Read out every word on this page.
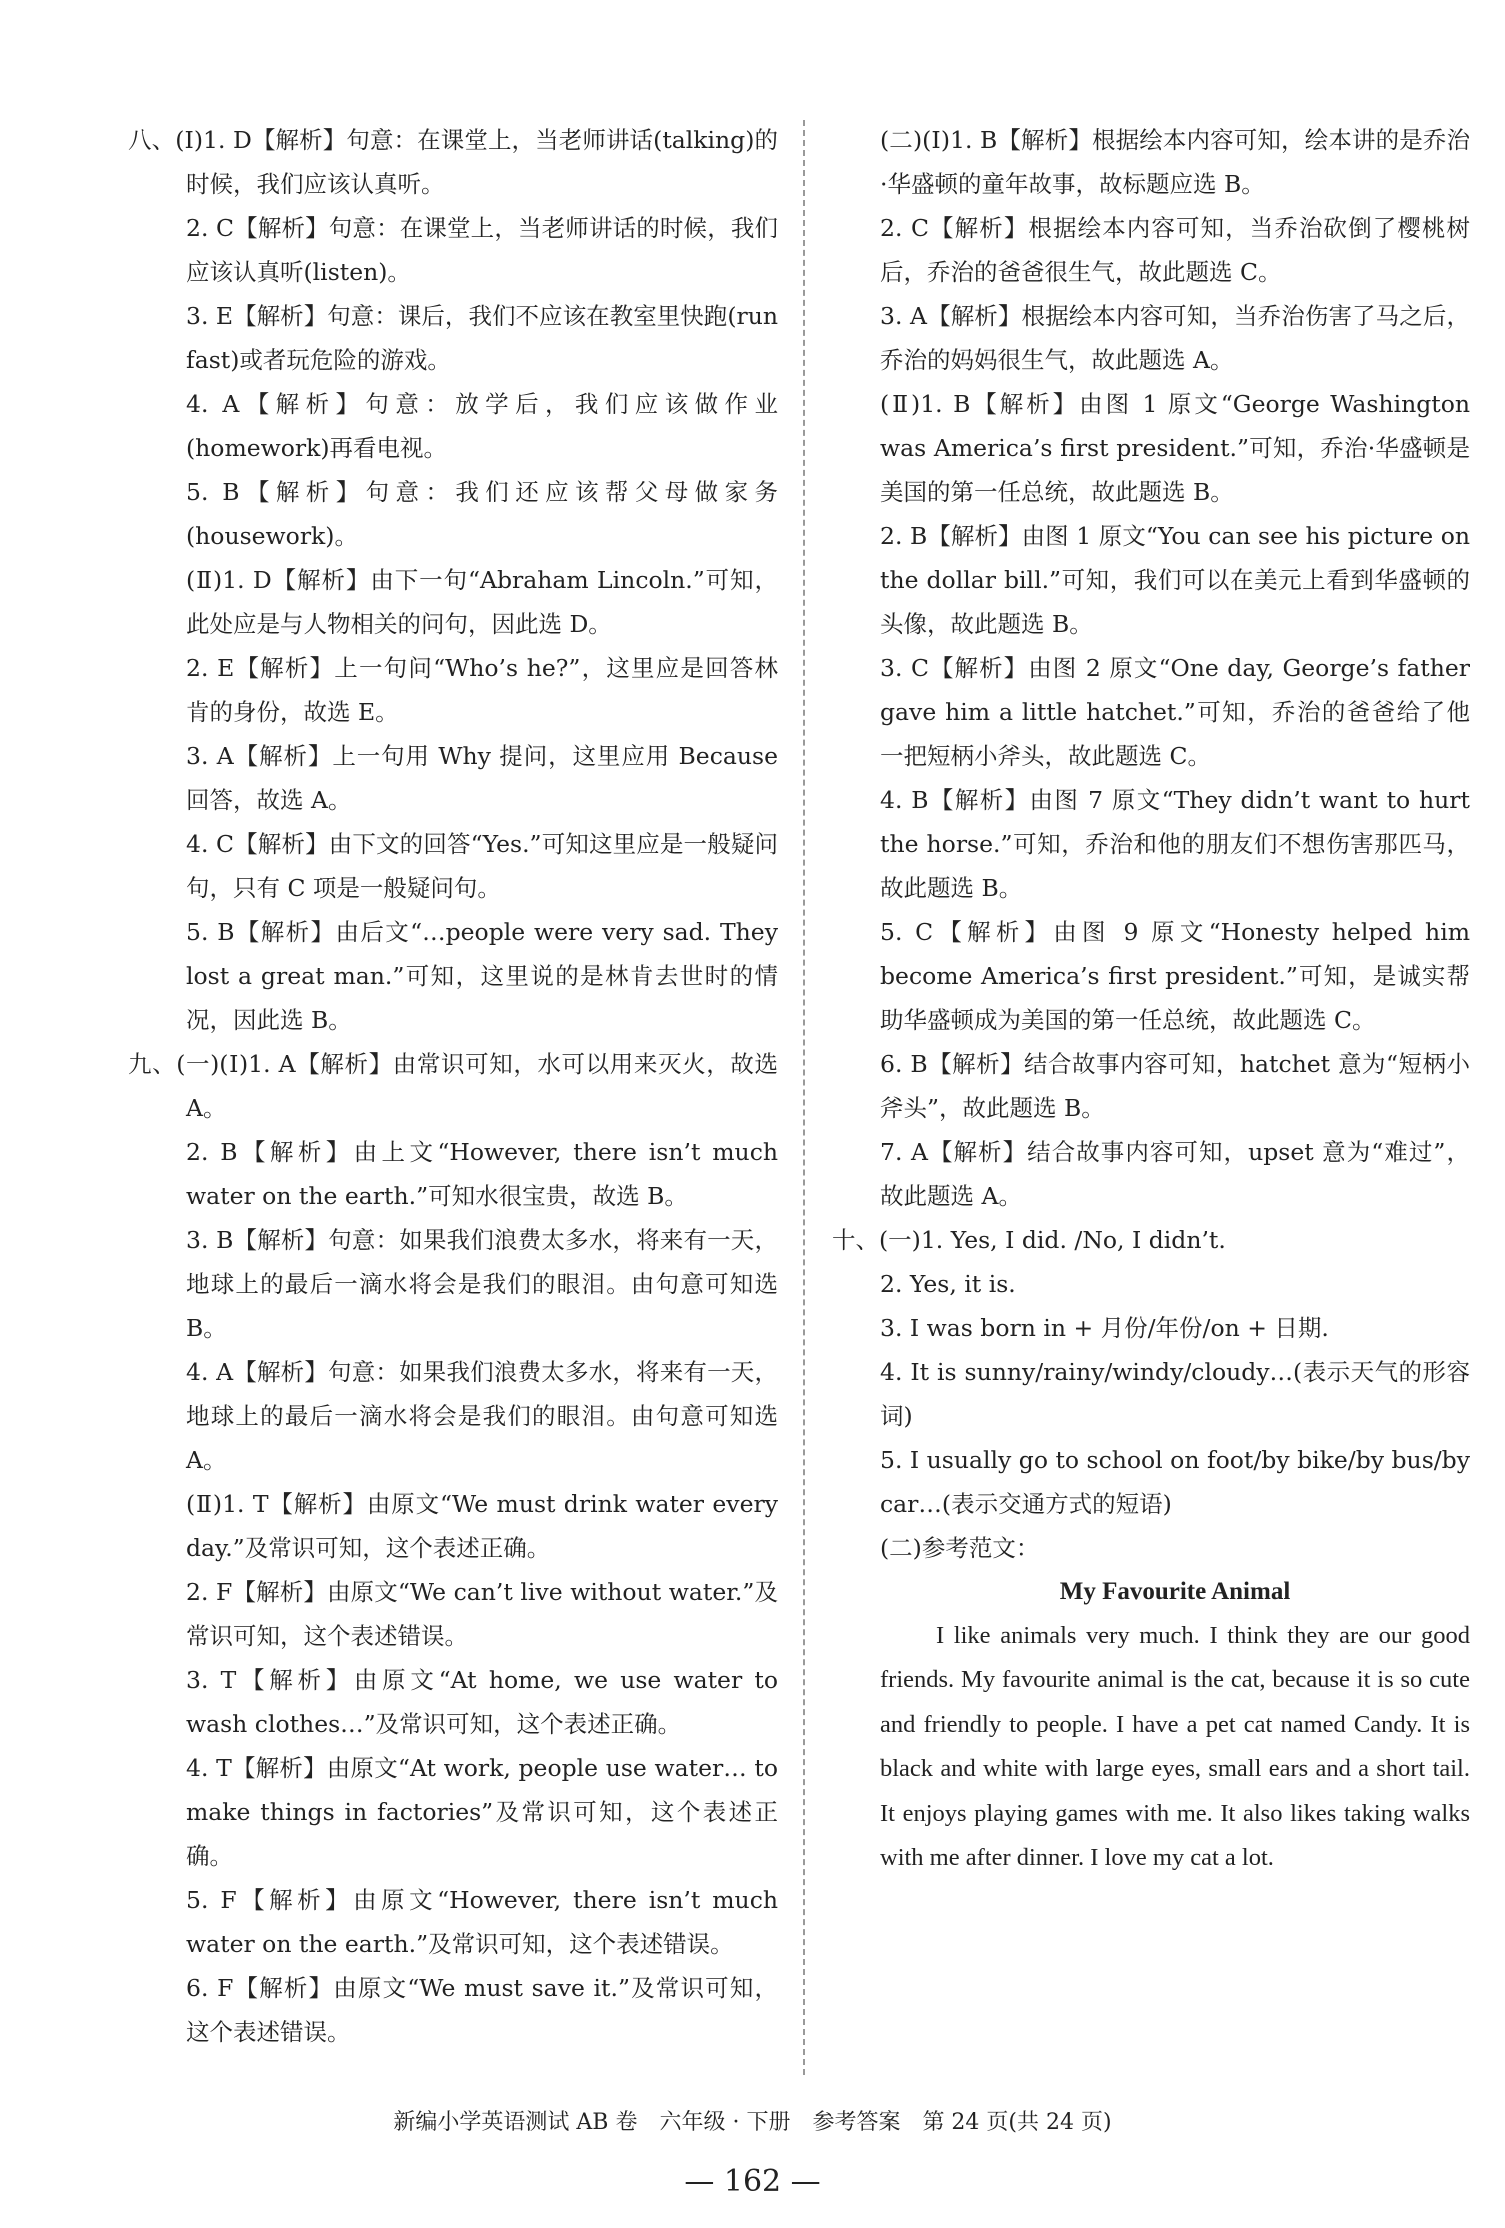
八、(Ⅰ)1. D【解析】句意：在课堂上，当老师讲话(talking)的时候，我们应该认真听。

2. C【解析】句意：在课堂上，当老师讲话的时候，我们应该认真听(listen)。

3. E【解析】句意：课后，我们不应该在教室里快跑(run fast)或者玩危险的游戏。

4. A【解析】句意：放学后，我们应该做作业(homework)再看电视。

5. B【解析】句意：我们还应该帮父母做家务(housework)。

(Ⅱ)1. D【解析】由下一句“Abraham Lincoln.”可知，此处应是与人物相关的问句，因此选 D。

2. E【解析】上一句问“Who’s he?”，这里应是回答林肯的身份，故选 E。

3. A【解析】上一句用 Why 提问，这里应用 Because 回答，故选 A。

4. C【解析】由下文的回答“Yes.”可知这里应是一般疑问句，只有 C 项是一般疑问句。

5. B【解析】由后文“…people were very sad. They lost a great man.”可知，这里说的是林肯去世时的情况，因此选 B。

九、(一)(Ⅰ)1. A【解析】由常识可知，水可以用来灭火，故选 A。

2. B【解析】由上文“However, there isn’t much water on the earth.”可知水很宝贵，故选 B。

3. B【解析】句意：如果我们浪费太多水，将来有一天，地球上的最后一滴水将会是我们的眼泪。由句意可知选 B。

4. A【解析】句意：如果我们浪费太多水，将来有一天，地球上的最后一滴水将会是我们的眼泪。由句意可知选 A。

(Ⅱ)1. T【解析】由原文“We must drink water every day.”及常识可知，这个表述正确。

2. F【解析】由原文“We can’t live without water.”及常识可知，这个表述错误。

3. T【解析】由原文“At home, we use water to wash clothes…”及常识可知，这个表述正确。

4. T【解析】由原文“At work, people use water… to make things in factories”及常识可知，这个表述正确。

5. F【解析】由原文“However, there isn’t much water on the earth.”及常识可知，这个表述错误。

6. F【解析】由原文“We must save it.”及常识可知，这个表述错误。

(二)(Ⅰ)1. B【解析】根据绘本内容可知，绘本讲的是乔治·华盛顿的童年故事，故标题应选 B。

2. C【解析】根据绘本内容可知，当乔治砍倒了樱桃树后，乔治的爸爸很生气，故此题选 C。

3. A【解析】根据绘本内容可知，当乔治伤害了马之后，乔治的妈妈很生气，故此题选 A。

(Ⅱ)1. B【解析】由图 1 原文“George Washington was America’s first president.”可知，乔治·华盛顿是美国的第一任总统，故此题选 B。

2. B【解析】由图 1 原文“You can see his picture on the dollar bill.”可知，我们可以在美元上看到华盛顿的头像，故此题选 B。

3. C【解析】由图 2 原文“One day, George’s father gave him a little hatchet.”可知，乔治的爸爸给了他一把短柄小斧头，故此题选 C。

4. B【解析】由图 7 原文“They didn’t want to hurt the horse.”可知，乔治和他的朋友们不想伤害那匹马，故此题选 B。

5. C【解析】由图 9 原文“Honesty helped him become America’s first president.”可知，是诚实帮助华盛顿成为美国的第一任总统，故此题选 C。

6. B【解析】结合故事内容可知，hatchet 意为“短柄小斧头”，故此题选 B。

7. A【解析】结合故事内容可知，upset 意为“难过”，故此题选 A。

十、(一)1. Yes, I did. /No, I didn’t.

2. Yes, it is.

3. I was born in + 月份/年份/on + 日期.

4. It is sunny/rainy/windy/cloudy…(表示天气的形容词)

5. I usually go to school on foot/by bike/by bus/by car…(表示交通方式的短语)

(二)参考范文：

My Favourite Animal

I like animals very much. I think they are our good friends. My favourite animal is the cat, because it is so cute and friendly to people. I have a pet cat named Candy. It is black and white with large eyes, small ears and a short tail. It enjoys playing games with me. It also likes taking walks with me after dinner. I love my cat a lot.

新编小学英语测试 AB 卷　六年级 · 下册　参考答案　第 24 页(共 24 页)
— 162 —
